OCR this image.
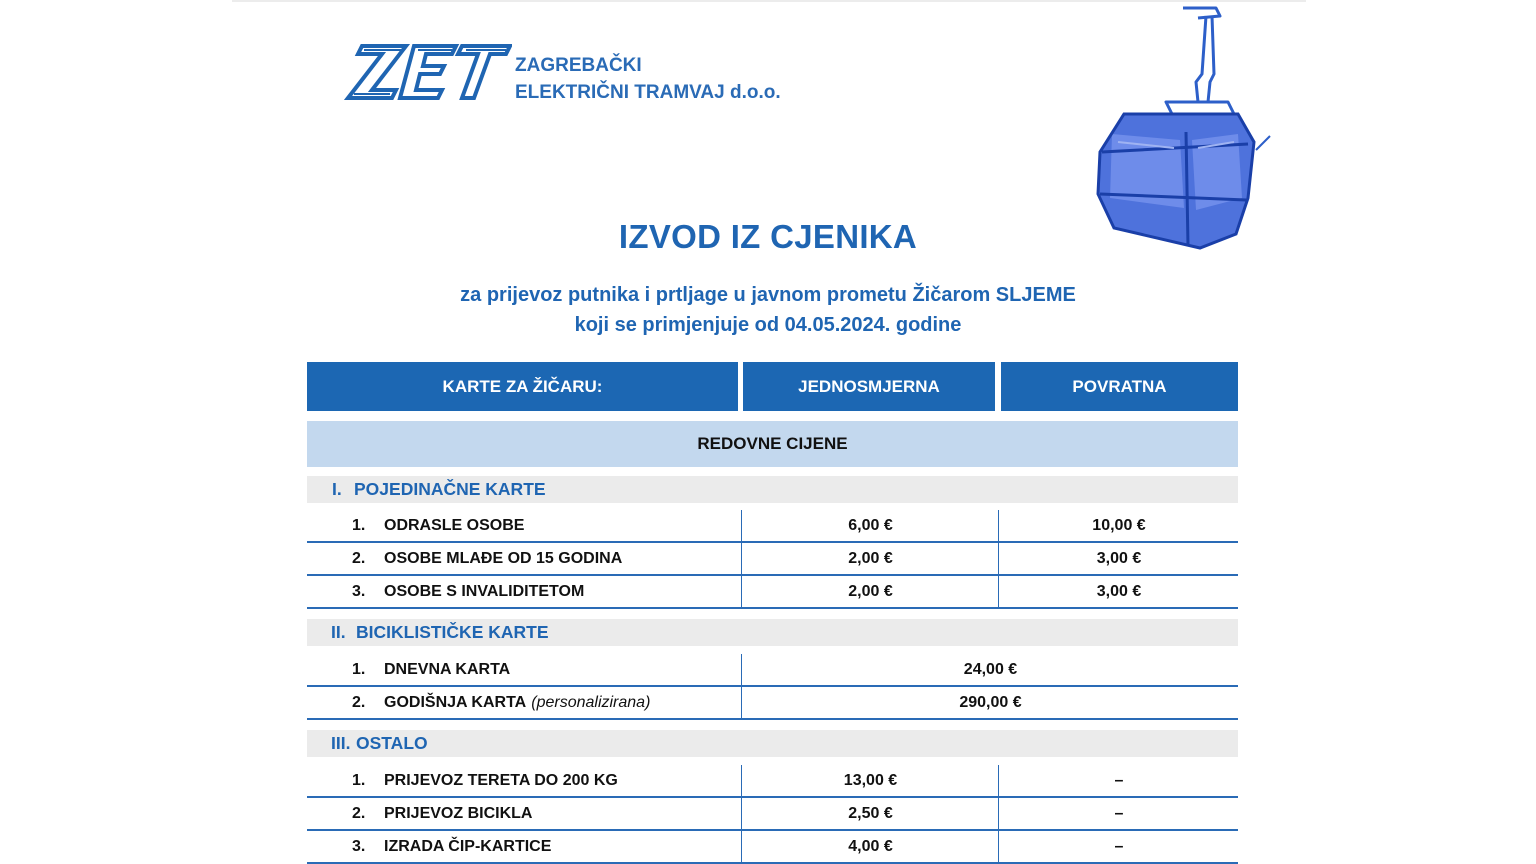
ZAGREBAČKI
ELEKTRIČNI TRAMVAJ d.o.o.
IZVOD IZ CJENIKA
za prijevoz putnika i prtljage u javnom prometu Žičarom SLJEME
koji se primjenjuje od 04.05.2024. godine
KARTE ZA ŽIČARU:	JEDNOSMJERNA	POVRATNA
REDOVNE CIJENE
I. POJEDINAČNE KARTE
1.	ODRASLE OSOBE	6,00 €	10,00 €
2.	OSOBE MLAĐE OD 15 GODINA	2,00 €	3,00 €
3.	OSOBE S INVALIDITETOM	2,00 €	3,00 €
II. BICIKLISTIČKE KARTE
1.	DNEVNA KARTA	24,00 €
2.	GODIŠNJA KARTA (personalizirana)	290,00 €
III. OSTALO
1.	PRIJEVOZ TERETA DO 200 KG	13,00 €	–
2.	PRIJEVOZ BICIKLA	2,50 €	–
3.	IZRADA ČIP-KARTICE	4,00 €	–
